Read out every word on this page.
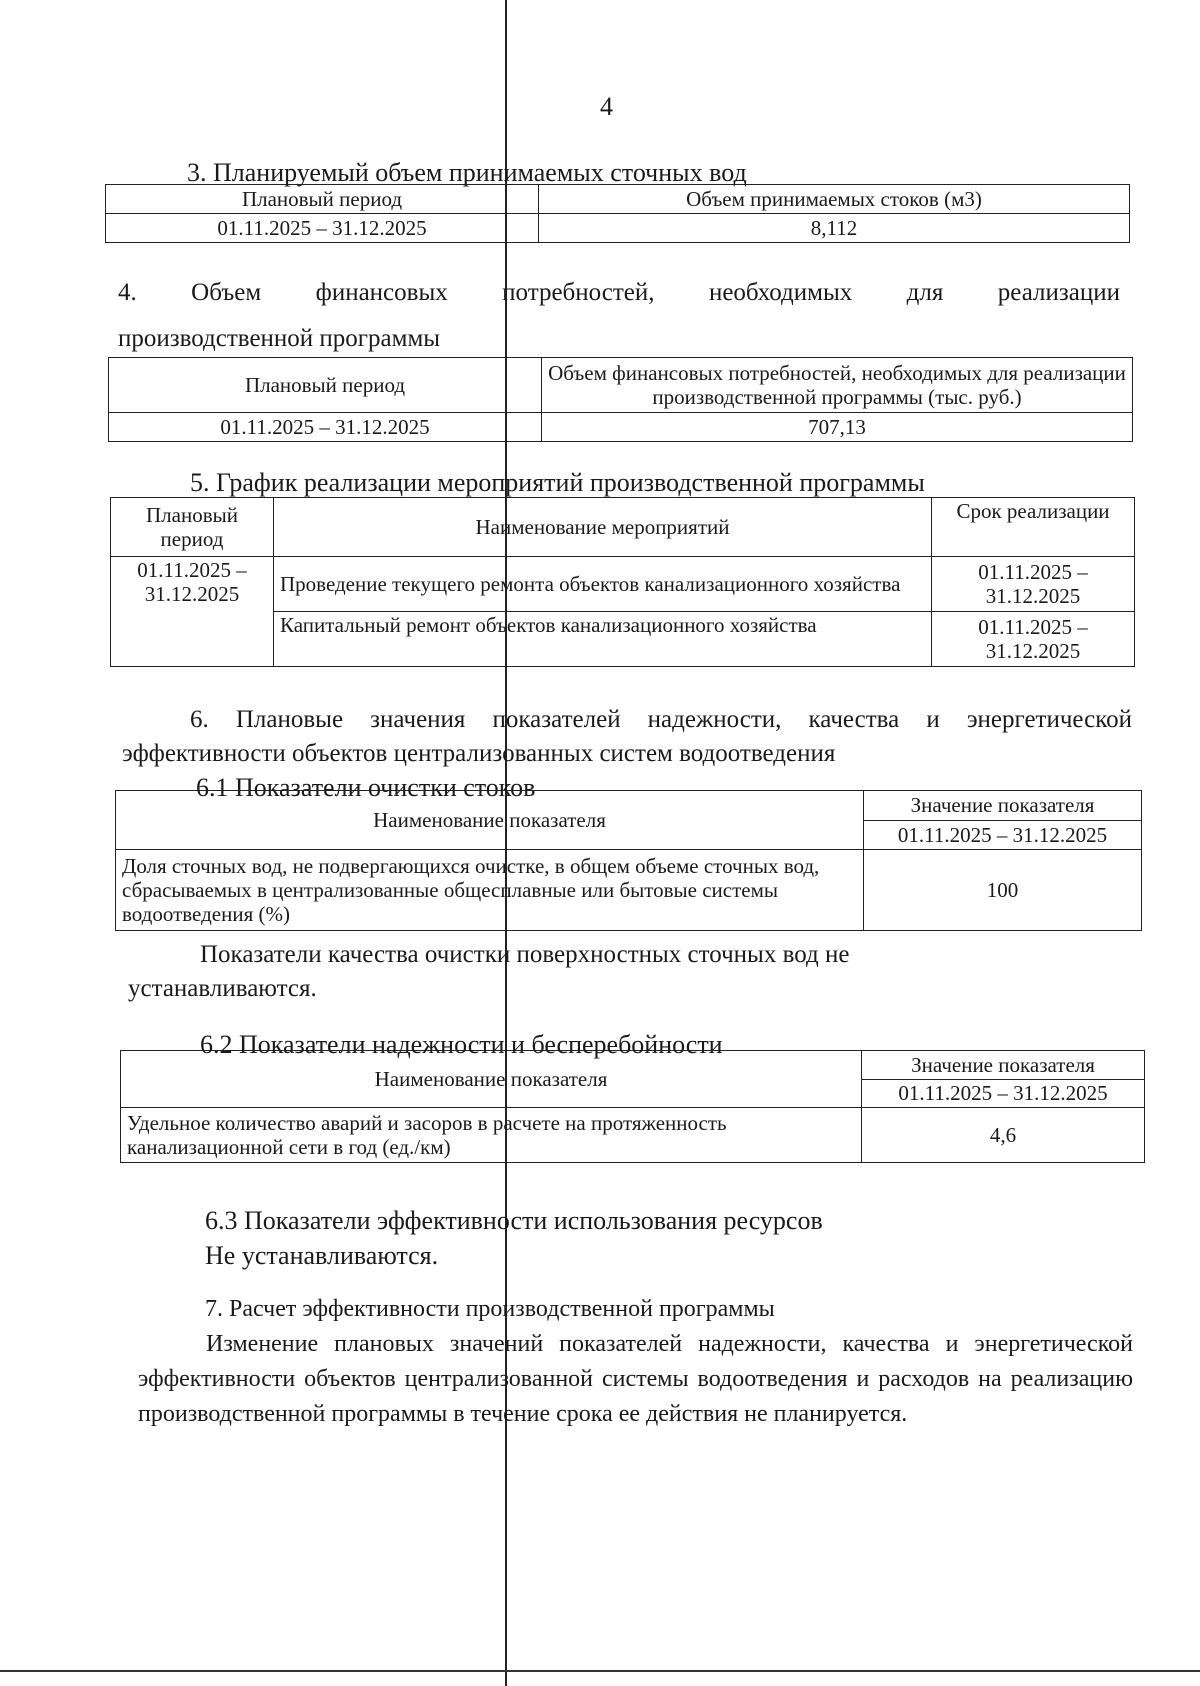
4
3. Планируемый объем принимаемых сточных вод
Плановый период	Объем принимаемых стоков (м3)
01.11.2025 – 31.12.2025	8,112
4. Объем финансовых потребностей, необходимых для реализации
производственной программы
Плановый период	Объем финансовых потребностей, необходимых для реализации производственной программы (тыс. руб.)
01.11.2025 – 31.12.2025	707,13
5. График реализации мероприятий производственной программы
Плановый период	Наименование мероприятий	Срок реализации
01.11.2025 – 31.12.2025	Проведение текущего ремонта объектов канализационного хозяйства	01.11.2025 – 31.12.2025
	Капитальный ремонт объектов канализационного хозяйства	01.11.2025 – 31.12.2025
6. Плановые значения показателей надежности, качества и энергетической эффективности объектов централизованных систем водоотведения
6.1 Показатели очистки стоков
Наименование показателя	Значение показателя
	01.11.2025 – 31.12.2025
Доля сточных вод, не подвергающихся очистке, в общем объеме сточных вод, сбрасываемых в централизованные общесплавные или бытовые системы водоотведения (%)	100
Показатели качества очистки поверхностных сточных вод не устанавливаются.
6.2 Показатели надежности и бесперебойности
Наименование показателя	Значение показателя
	01.11.2025 – 31.12.2025
Удельное количество аварий и засоров в расчете на протяженность канализационной сети в год (ед./км)	4,6
6.3 Показатели эффективности использования ресурсов
Не устанавливаются.
7. Расчет эффективности производственной программы
Изменение плановых значений показателей надежности, качества и энергетической эффективности объектов централизованной системы водоотведения и расходов на реализацию производственной программы в течение срока ее действия не планируется.
